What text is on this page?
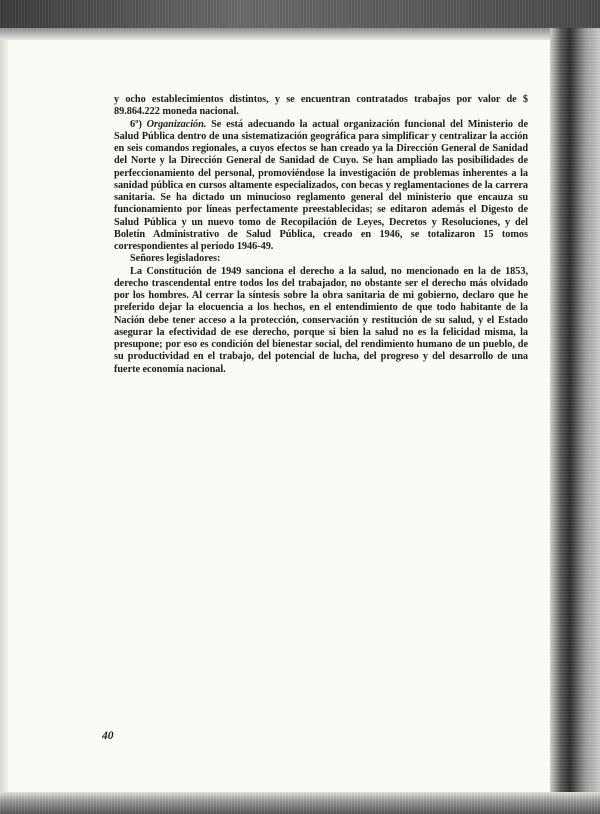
y ocho establecimientos distintos, y se encuentran contratados trabajos por valor de $ 89.864.222 moneda nacional.

6º) Organización. Se está adecuando la actual organización funcional del Ministerio de Salud Pública dentro de una sistematización geográfica para simplificar y centralizar la acción en seis comandos regionales, a cuyos efectos se han creado ya la Dirección General de Sanidad del Norte y la Dirección General de Sanidad de Cuyo. Se han ampliado las posibilidades de perfeccionamiento del personal, promoviéndose la investigación de problemas inherentes a la sanidad pública en cursos altamente especializados, con becas y reglamentaciones de la carrera sanitaria. Se ha dictado un minucioso reglamento general del ministerio que encauza su funcionamiento por líneas perfectamente preestablecidas; se editaron además el Digesto de Salud Pública y un nuevo tomo de Recopilación de Leyes, Decretos y Resoluciones, y del Boletín Administrativo de Salud Pública, creado en 1946, se totalizaron 15 tomos correspondientes al período 1946-49.

Señores legisladores:

La Constitución de 1949 sanciona el derecho a la salud, no mencionado en la de 1853, derecho trascendental entre todos los del trabajador, no obstante ser el derecho más olvidado por los hombres. Al cerrar la síntesis sobre la obra sanitaria de mi gobierno, declaro que he preferido dejar la elocuencia a los hechos, en el entendimiento de que todo habitante de la Nación debe tener acceso a la protección, conservación y restitución de su salud, y el Estado asegurar la efectividad de ese derecho, porque si bien la salud no es la felicidad misma, la presupone; por eso es condición del bienestar social, del rendimiento humano de un pueblo, de su productividad en el trabajo, del potencial de lucha, del progreso y del desarrollo de una fuerte economía nacional.

40
